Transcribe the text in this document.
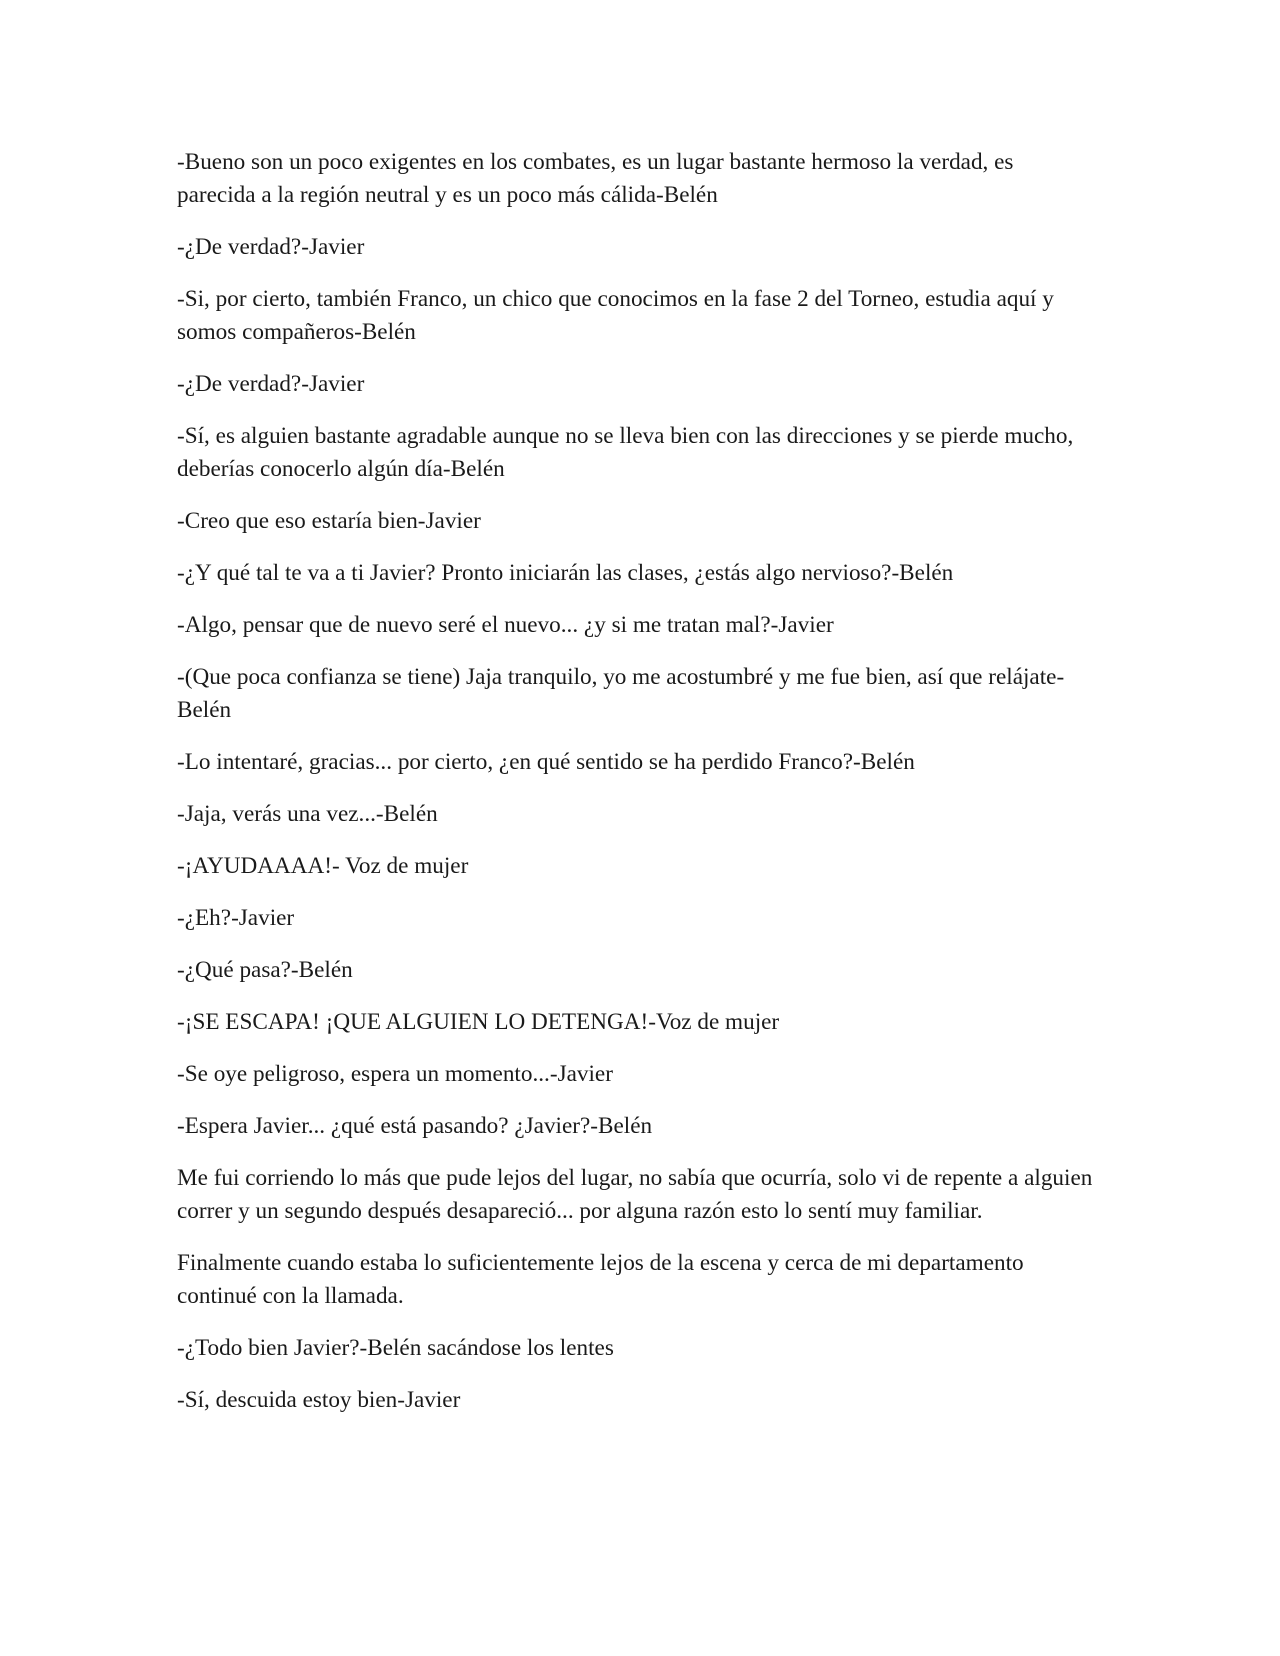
-Bueno son un poco exigentes en los combates, es un lugar bastante hermoso la verdad, es parecida a la región neutral y es un poco más cálida-Belén

-¿De verdad?-Javier

-Si, por cierto, también Franco, un chico que conocimos en la fase 2 del Torneo, estudia aquí y somos compañeros-Belén

-¿De verdad?-Javier

-Sí, es alguien bastante agradable aunque no se lleva bien con las direcciones y se pierde mucho, deberías conocerlo algún día-Belén

-Creo que eso estaría bien-Javier

-¿Y qué tal te va a ti Javier? Pronto iniciarán las clases, ¿estás algo nervioso?-Belén

-Algo, pensar que de nuevo seré el nuevo... ¿y si me tratan mal?-Javier

-(Que poca confianza se tiene) Jaja tranquilo, yo me acostumbré y me fue bien, así que relájate-Belén

-Lo intentaré, gracias... por cierto, ¿en qué sentido se ha perdido Franco?-Belén

-Jaja, verás una vez...-Belén

-¡AYUDAAAA!- Voz de mujer

-¿Eh?-Javier

-¿Qué pasa?-Belén

-¡SE ESCAPA! ¡QUE ALGUIEN LO DETENGA!-Voz de mujer

-Se oye peligroso, espera un momento...-Javier

-Espera Javier... ¿qué está pasando? ¿Javier?-Belén

Me fui corriendo lo más que pude lejos del lugar, no sabía que ocurría, solo vi de repente a alguien correr y un segundo después desapareció... por alguna razón esto lo sentí muy familiar.

Finalmente cuando estaba lo suficientemente lejos de la escena y cerca de mi departamento continué con la llamada.

-¿Todo bien Javier?-Belén sacándose los lentes

-Sí, descuida estoy bien-Javier
